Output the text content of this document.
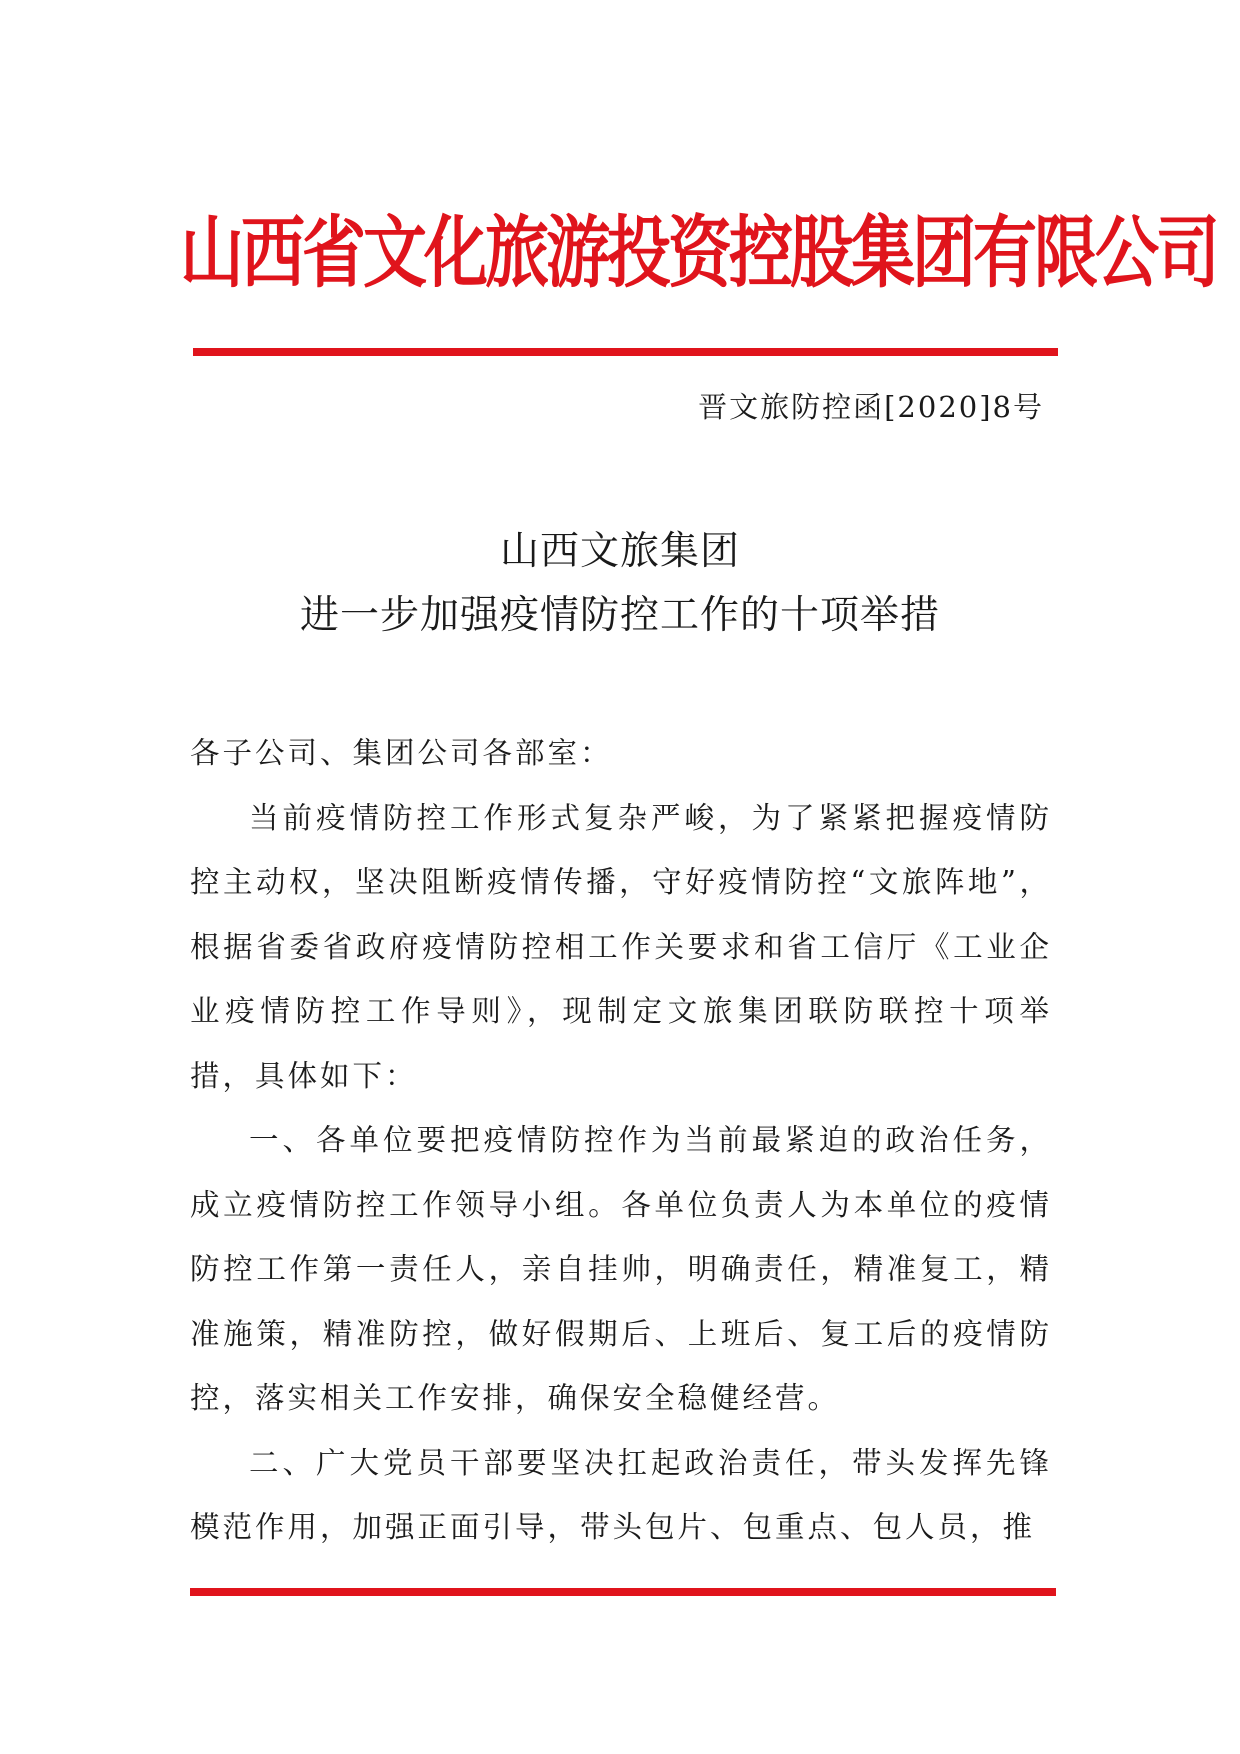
山西省文化旅游投资控股集团有限公司
晋文旅防控函[2020]8号
山西文旅集团
进一步加强疫情防控工作的十项举措

各子公司、集团公司各部室：

当前疫情防控工作形式复杂严峻，为了紧紧把握疫情防控主动权，坚决阻断疫情传播，守好疫情防控“文旅阵地”，根据省委省政府疫情防控相工作关要求和省工信厅《工业企业疫情防控工作导则》，现制定文旅集团联防联控十项举措，具体如下：

一、各单位要把疫情防控作为当前最紧迫的政治任务，成立疫情防控工作领导小组。各单位负责人为本单位的疫情防控工作第一责任人，亲自挂帅，明确责任，精准复工，精准施策，精准防控，做好假期后、上班后、复工后的疫情防控，落实相关工作安排，确保安全稳健经营。

二、广大党员干部要坚决扛起政治责任，带头发挥先锋模范作用，加强正面引导，带头包片、包重点、包人员，推
